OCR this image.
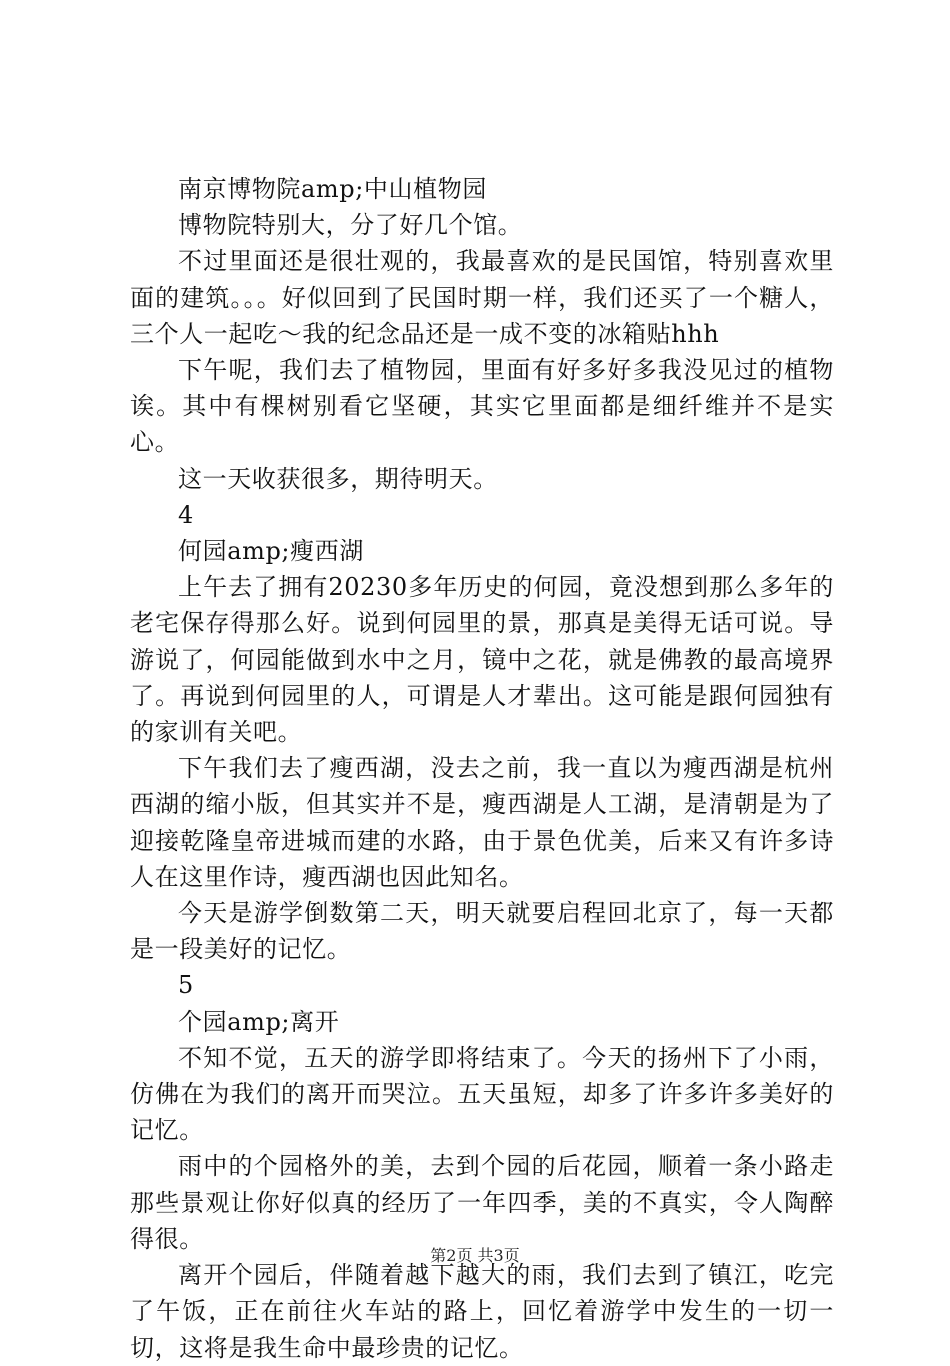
南京博物院amp;中山植物园

博物院特别大，分了好几个馆。

不过里面还是很壮观的，我最喜欢的是民国馆，特别喜欢里面的建筑。。。好似回到了民国时期一样，我们还买了一个糖人，三个人一起吃～我的纪念品还是一成不变的冰箱贴hhh

下午呢，我们去了植物园，里面有好多好多我没见过的植物诶。其中有棵树别看它坚硬，其实它里面都是细纤维并不是实心。

这一天收获很多，期待明天。

4

何园amp;瘦西湖

上午去了拥有20230多年历史的何园，竟没想到那么多年的老宅保存得那么好。说到何园里的景，那真是美得无话可说。导游说了，何园能做到水中之月，镜中之花，就是佛教的最高境界了。再说到何园里的人，可谓是人才辈出。这可能是跟何园独有的家训有关吧。

下午我们去了瘦西湖，没去之前，我一直以为瘦西湖是杭州西湖的缩小版，但其实并不是，瘦西湖是人工湖，是清朝是为了迎接乾隆皇帝进城而建的水路，由于景色优美，后来又有许多诗人在这里作诗，瘦西湖也因此知名。

今天是游学倒数第二天，明天就要启程回北京了，每一天都是一段美好的记忆。

5

个园amp;离开

不知不觉，五天的游学即将结束了。今天的扬州下了小雨，仿佛在为我们的离开而哭泣。五天虽短，却多了许多许多美好的记忆。

雨中的个园格外的美，去到个园的后花园，顺着一条小路走那些景观让你好似真的经历了一年四季，美的不真实，令人陶醉得很。

离开个园后，伴随着越下越大的雨，我们去到了镇江，吃完了午饭，正在前往火车站的路上，回忆着游学中发生的一切一切，这将是我生命中最珍贵的记忆。

第2页 共3页
